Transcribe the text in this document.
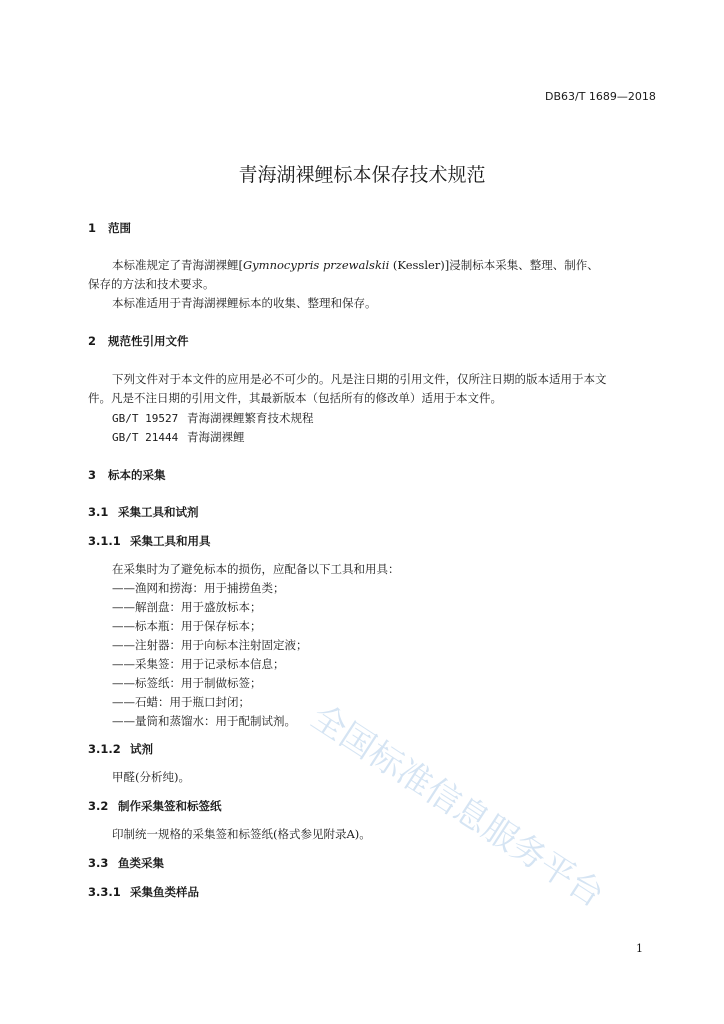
DB63/T 1689—2018
青海湖裸鲤标本保存技术规范
1 范围
本标准规定了青海湖裸鲤[Gymnocypris przewalskii (Kessler)]浸制标本采集、整理、制作、
保存的方法和技术要求。
本标准适用于青海湖裸鲤标本的收集、整理和保存。
2 规范性引用文件
下列文件对于本文件的应用是必不可少的。凡是注日期的引用文件，仅所注日期的版本适用于本文
件。凡是不注日期的引用文件，其最新版本（包括所有的修改单）适用于本文件。
GB/T 19527 青海湖裸鲤繁育技术规程
GB/T 21444 青海湖裸鲤
3 标本的采集
3.1 采集工具和试剂
3.1.1 采集工具和用具
在采集时为了避免标本的损伤，应配备以下工具和用具：
——渔网和捞海：用于捕捞鱼类；
——解剖盘：用于盛放标本；
——标本瓶：用于保存标本；
——注射器：用于向标本注射固定液；
——采集签：用于记录标本信息；
——标签纸：用于制做标签；
——石蜡：用于瓶口封闭；
——量筒和蒸馏水：用于配制试剂。
3.1.2 试剂
甲醛(分析纯)。
3.2 制作采集签和标签纸
印制统一规格的采集签和标签纸(格式参见附录A)。
3.3 鱼类采集
3.3.1 采集鱼类样品	全国标准信息服务平台
1
